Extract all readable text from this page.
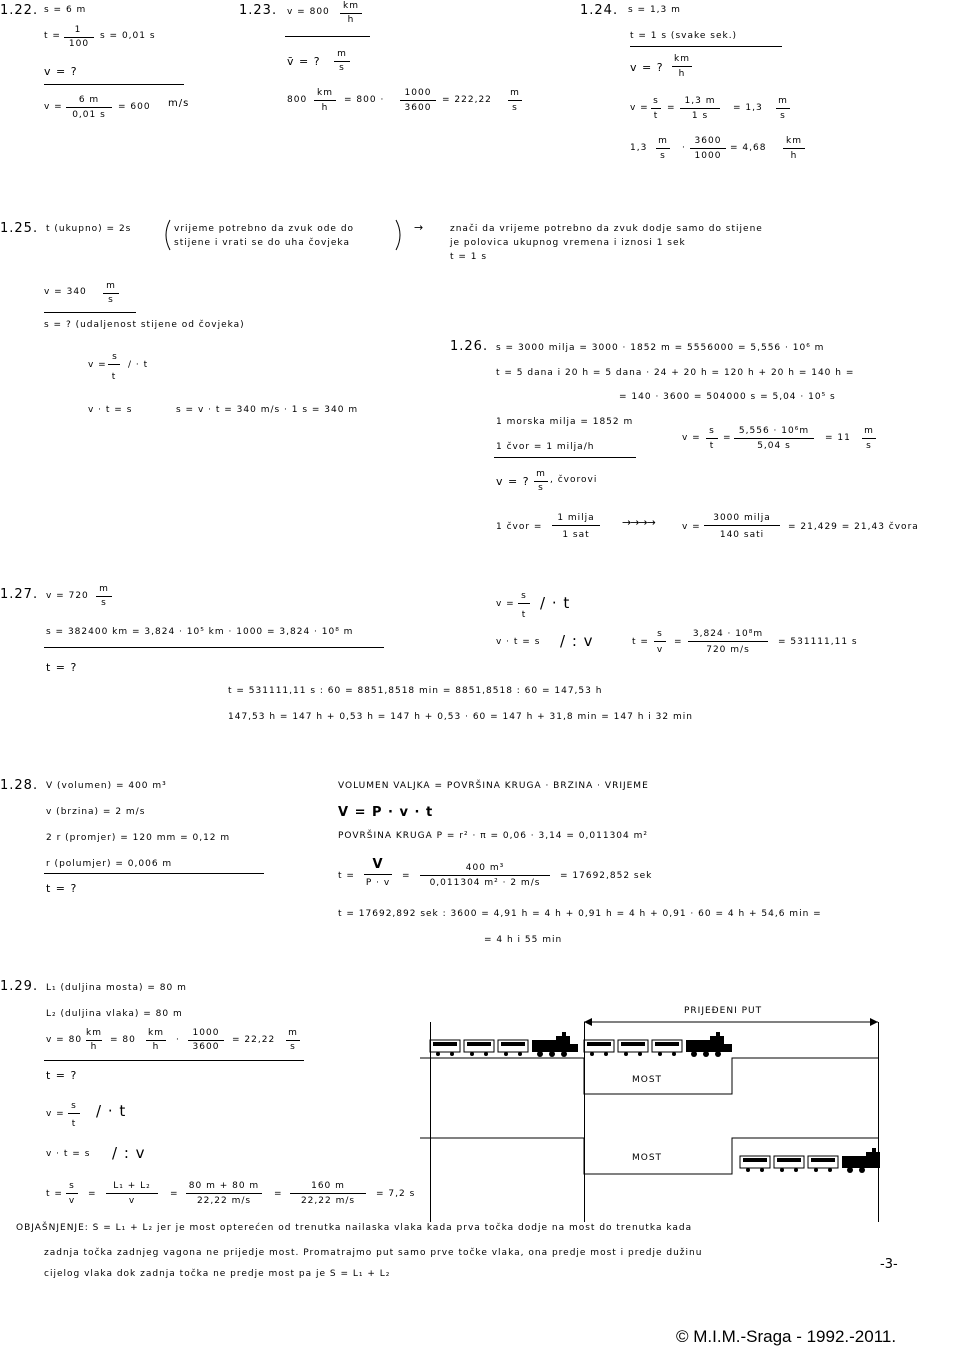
1.22. s = 6 m
t =
1
100
s = 0,01 s
v = ?
v =
6 m
0,01 s
= 600 m/s
1.23. v = 800
km
h
v̄ = ?
m
s
800
km
h
= 800 ·
1000
3600
= 222,22
m
s
1.24. s = 1,3 m
t = 1 s (svake sek.)
v = ?
km
h
v =
s
t
=
1,3 m
1 s
= 1,3
m
s
1,3
m
s
·
3600
1000
= 4,68
km
h
1.25. t (ukupno) = 2s	vrijeme potrebno da zvuk ode do
stijene i vrati se do uha čovjeka
→	znači da vrijeme potrebno da zvuk dodje samo do stijene
je polovica ukupnog vremena i iznosi 1 sek
t = 1 s
v = 340
m
s
s = ? (udaljenost stijene od čovjeka)
v =
s
t
/ · t
v · t = s	s = v · t = 340 m/s · 1 s = 340 m
1.26. s = 3000 milja = 3000 · 1852 m = 5556000 = 5,556 · 10⁶ m
t = 5 dana i 20 h = 5 dana · 24 + 20 h = 120 h + 20 h = 140 h =
= 140 · 3600 = 504000 s = 5,04 · 10⁵ s
1 morska milja = 1852 m
1 čvor = 1 milja/h
v =
s
t
=
5,556 · 10⁶m
5,04 s
= 11
m
s
v = ?
m
s
, čvorovi
1 čvor =
1 milja
1 sat
→→→→	v =
3000 milja
140 sati
= 21,429 = 21,43 čvora
1.27. v = 720
m
s
s = 382400 km = 3,824 · 10⁵ km · 1000 = 3,824 · 10⁸ m
t = ?
v =
s
t
/ · t
v · t = s / : v	t =
s
v
=
3,824 · 10⁸m
720 m/s
= 531111,11 s
t = 531111,11 s : 60 = 8851,8518 min = 8851,8518 : 60 = 147,53 h
147,53 h = 147 h + 0,53 h = 147 h + 0,53 · 60 = 147 h + 31,8 min = 147 h i 32 min
1.28. V (volumen) = 400 m³
v (brzina) = 2 m/s
2 r (promjer) = 120 mm = 0,12 m
r (polumjer) = 0,006 m
t = ?
VOLUMEN VALJKA = POVRŠINA KRUGA · BRZINA · VRIJEME
V = P · v · t
POVRŠINA KRUGA P = r² · π = 0,06 · 3,14 = 0,011304 m²
t =
V
P · v
=
400 m³
0,011304 m² · 2 m/s
= 17692,852 sek
t = 17692,892 sek : 3600 = 4,91 h = 4 h + 0,91 h = 4 h + 0,91 · 60 = 4 h + 54,6 min =
= 4 h i 55 min
1.29. L₁ (duljina mosta) = 80 m
L₂ (duljina vlaka) = 80 m
v = 80
km
h
= 80
km
h
·
1000
3600
= 22,22
m
s
t = ?
v =
s
t
/ · t
v · t = s / : v
t =
s
v
=
L₁ + L₂
v
=
80 m + 80 m
22,22 m/s
=
160 m
22,22 m/s
= 7,2 s
PRIJEĐENI PUT
MOST
MOST
OBJAŠNJENJE: S = L₁ + L₂ jer je most opterećen od trenutka nailaska vlaka kada prva točka dodje na most do trenutka kada
zadnja točka zadnjeg vagona ne prijedje most. Promatrajmo put samo prve točke vlaka, ona predje most i predje dužinu
cijelog vlaka dok zadnja točka ne predje most pa je S = L₁ + L₂
-3-
© M.I.M.-Sraga - 1992.-2011.
